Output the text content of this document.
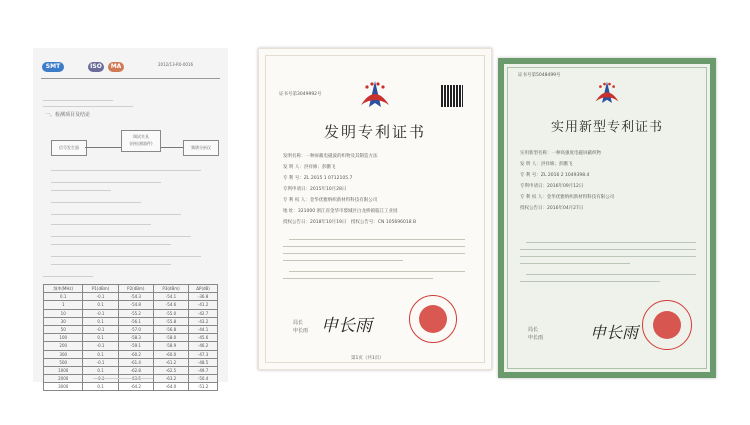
SMT	ISO	MA	2012/13-R0-0016
一、检测项目及结论
信号发生器
调试夹具
(待检测器件)
频谱分析仪
频率(MHz)	P1(dBm)	P2(dBm)	P3(dBm)	ΔP(dB)
0.1	-0.1	-54.3	-54.1	-36.8
1	0.1	-54.8	-54.6	-41.2
10	-0.1	-55.2	-55.0	-42.7
30	0.1	-56.1	-55.8	-43.2
50	-0.1	-57.0	-56.8	-44.1
100	0.1	-58.3	-58.0	-45.6
200	-0.1	-59.1	-58.9	-46.2
300	0.1	-60.2	-60.0	-47.3
500	-0.1	-61.4	-61.2	-48.5
1000	0.1	-62.8	-62.5	-49.7
2000			-63.2	-50.4
3000	0.1	-64.2	-64.0	-51.2
证书号第3049992号
发明专利证书
发明名称：一种屏蔽电磁波的织物及其制造方法
发 明 人：洪祥修；彭鹏飞
专 利 号：ZL 2015 1 0712105.7
专利申请日：2015年10月28日
专 利 权 人：金华优雅纳织新材料科技有限公司
地 址：321000 浙江省金华市婺城区白龙桥镇临江工业园
授权公告日：2018年10月19日　授权公告号：CN 105696018 B
局长
申长雨 申长雨
第1页（共1页）
证书号第5048499号
实用新型专利证书
实用新型名称：一种高强度电磁屏蔽织物
发 明 人：洪祥修；彭鹏飞
专 利 号：ZL 2016 2 1049398.4
专利申请日：2016年09月12日
专 利 权 人：金华优雅纳织新材料科技有限公司
授权公告日：2016年04月27日
局长
申长雨	申长雨
